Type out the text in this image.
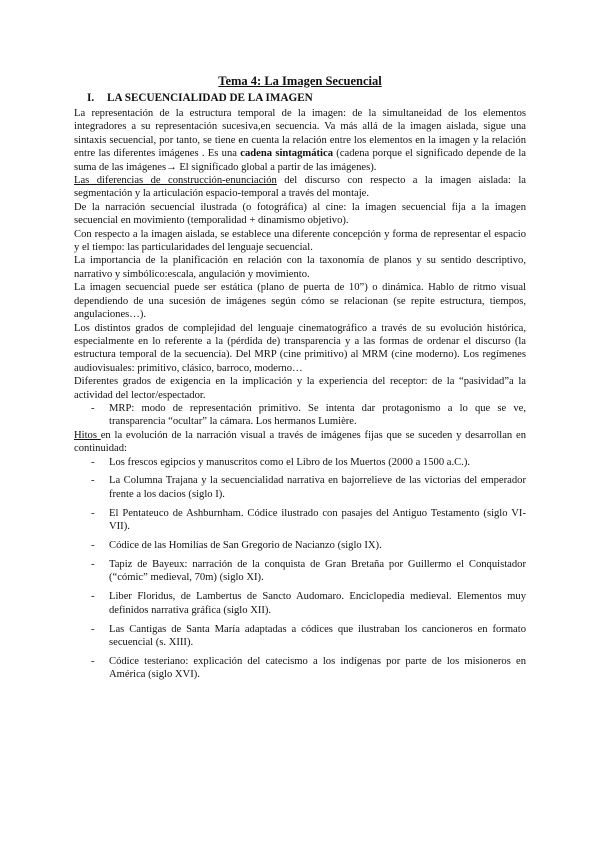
Tema 4: La Imagen Secuencial
I.	LA SECUENCIALIDAD DE LA IMAGEN

La representación de la estructura temporal de la imagen: de la simultaneidad de los elementos integradores a su representación sucesiva,en secuencia. Va más allá de la imagen aislada, sigue una sintaxis secuencial, por tanto, se tiene en cuenta la relación entre los elementos en la imagen y la relación entre las diferentes imágenes . Es una cadena sintagmática (cadena porque el significado depende de la suma de las imágenes→ El significado global a partir de las imágenes).

Las diferencias de construcción-enunciación del discurso con respecto a la imagen aislada: la segmentación y la articulación espacio-temporal a través del montaje.

De la narración secuencial ilustrada (o fotográfica) al cine: la imagen secuencial fija a la imagen secuencial en movimiento (temporalidad + dinamismo objetivo).

Con respecto a la imagen aislada, se establece una diferente concepción y forma de representar el espacio y el tiempo: las particularidades del lenguaje secuencial.

La importancia de la planificación en relación con la taxonomía de planos y su sentido descriptivo, narrativo y simbólico:escala, angulación y movimiento.

La imagen secuencial puede ser estática (plano de puerta de 10”) o dinámica. Hablo de ritmo visual dependiendo de una sucesión de imágenes según cómo se relacionan (se repite estructura, tiempos, angulaciones…).

Los distintos grados de complejidad del lenguaje cinematográfico a través de su evolución histórica, especialmente en lo referente a la (pérdida de) transparencia y a las formas de ordenar el discurso (la estructura temporal de la secuencia). Del MRP (cine primitivo) al MRM (cine moderno). Los regímenes audiovisuales: primitivo, clásico, barroco, moderno…

Diferentes grados de exigencia en la implicación y la experiencia del receptor: de la “pasividad”a la actividad del lector/espectador.

- MRP: modo de representación primitivo. Se intenta dar protagonismo a lo que se ve, transparencia “ocultar” la cámara. Los hermanos Lumière.

Hitos en la evolución de la narración visual a través de imágenes fijas que se suceden y desarrollan en continuidad:

- Los frescos egipcios y manuscritos como el Libro de los Muertos (2000 a 1500 a.C.).
- La Columna Trajana y la secuencialidad narrativa en bajorrelieve de las victorias del emperador frente a los dacios (siglo I).
- El Pentateuco de Ashburnham. Códice ilustrado con pasajes del Antiguo Testamento (siglo VI-VII).
- Códice de las Homilías de San Gregorio de Nacianzo (siglo IX).
- Tapiz de Bayeux: narración de la conquista de Gran Bretaña por Guillermo el Conquistador (“cómic” medieval, 70m) (siglo XI).
- Liber Floridus, de Lambertus de Sancto Audomaro. Enciclopedia medieval. Elementos muy definidos narrativa gráfica (siglo XII).
- Las Cantigas de Santa María adaptadas a códices que ilustraban los cancioneros en formato secuencial (s. XIII).
- Códice testeriano: explicación del catecismo a los indígenas por parte de los misioneros en América (siglo XVI).
